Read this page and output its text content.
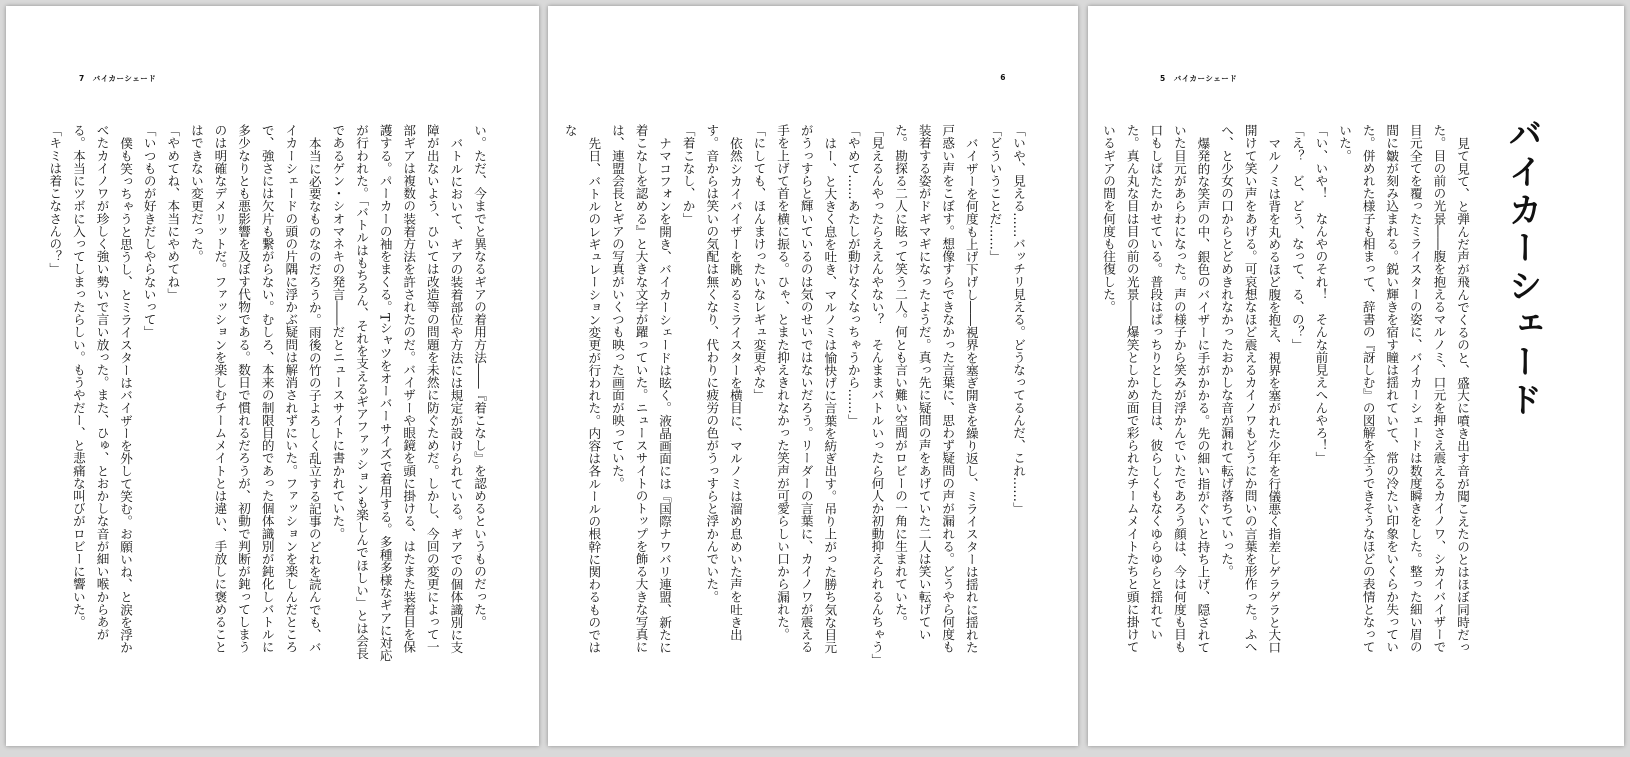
7　バイカーシェード

い。ただ、今までと異なるギアの着用方法――『着こなし』を認めるというものだった。

バトルにおいて、ギアの装着部位や方法には規定が設けられている。ギアでの個体識別に支障が出ないよう、ひいては改造等の問題を未然に防ぐためだ。しかし、今回の変更によって一部ギアは複数の装着方法を許されたのだ。バイザーや眼鏡を頭に掛ける、はたまた装着目を保護する。パーカーの袖をまくる。Tシャツをオーバーサイズで着用する。多種多様なギアに対応が行われた。「バトルはもちろん、それを支えるギアファッションも楽しんでほしい」とは会長であるゲン・シオマネキの発言――だとニュースサイトに書かれていた。

本当に必要なものなのだろうか。雨後の竹の子よろしく乱立する記事のどれを読んでも、バイカーシェードの頭の片隅に浮かぶ疑問は解消されずにいた。ファッションを楽しんだところで、強さには欠片も繋がらない。むしろ、本来の制限目的であった個体識別が鈍化しバトルに多少なりとも悪影響を及ぼす代物である。数日で慣れるだろうが、初動で判断が鈍ってしまうのは明確なデメリットだ。ファッションを楽しむチームメイトとは違い、手放しに褒めることはできない変更だった。

「やめてね、本当にやめてね」

「いつものが好きだしやらないって」

僕も笑っちゃうと思うし、とミライスターはバイザーを外して笑む。お願いね、と涙を浮かべたカイノワが珍しく強い勢いで言い放った。また、ひゅ、とおかしな音が細い喉からあがる。本当にツボに入ってしまったらしい。もうやだー、と悲痛な叫びがロビーに響いた。

「キミは着こなさんの？」

6

「いや、見える……バッチリ見える。どうなってるんだ、これ……」

「どういうことだ……」

バイザーを何度も上げ下げし――視界を塞ぎ開きを繰り返し、ミライスターは揺れに揺れた戸惑い声をこぼす。想像すらできなかった言葉に、思わず疑問の声が漏れる。どうやら何度も装着する姿がドギマギになったようだ。真っ先に疑問の声をあげていた二人は笑い転げていた。勘探る二人に眩って笑う二人。何とも言い難い空間がロビーの一角に生まれていた。

「見えるんやったらええんやない？　そんままバトルいったら何人か初動抑えられるんちゃう」

「やめて……あたしが動けなくなっちゃうから……」

はー、と大きく息を吐き、マルノミは愉快げに言葉を紡ぎ出す。吊り上がった勝ち気な目元がうっすらと輝いているのは気のせいではないだろう。リーダーの言葉に、カイノワが震える手を上げて首を横に振る。ひゃ、とまた抑えきれなかった笑声が可愛らしい口から漏れた。

「にしても、ほんまけったいなレギュ変更やな」

依然シカイバイザーを眺めるミライスターを横目に、マルノミは溜め息めいた声を吐き出す。音からは笑いの気配は無くなり、代わりに疲労の色がうっすらと浮かんでいた。

「着こなし、か」

ナマコフォンを開き、バイカーシェードは眩く。液晶画面には『国際ナワバリ連盟、新たに着こなしを認める』と大きな文字が躍っていた。ニュースサイトのトップを飾る大きな写真には、連盟会長とギアの写真がいくつも映った画面が映っていた。

先日、バトルのレギュレーション変更が行われた。内容は各ルールの根幹に関わるものではな

5　バイカーシェード
バイカーシェード

見て見て、と弾んだ声が飛んでくるのと、盛大に噴き出す音が聞こえたのとはほぼ同時だった。目の前の光景――腹を抱えるマルノミ、口元を押さえ震えるカイノワ、シカイバイザーで目元全てを覆ったミライスターの姿に、バイカーシェードは数度瞬きをした。整った細い眉の間に皺が刻み込まれる。鋭い輝きを宿す瞳は揺れていて、常の冷たい印象をいくらか失っていた。併めれた様子も相まって、辞書の『訝しむ』の図解を全うできそうなほどの表情となっていた。

「い、いや！　なんやのそれ！　そんな前見えへんやろ！」

「え？　ど、どう、なって、る、の？」

マルノミは背を丸めるほど腹を抱え、視界を塞がれた少年を行儀悪く指差しゲラゲラと大口開けて笑い声をあげる。可哀想なほど震えるカイノワもどうにか問いの言葉を形作った。ふへへ、と少女の口からとどめきれなかったおかしな音が漏れて転げ落ちていった。

爆発的な笑声の中、銀色のバイザーに手がかかる。先の細い指がぐいと持ち上げ、隠されていた目元があらわになった。声の様子から笑みが浮かんでいたであろう顔は、今は何度も目も口もしばたたかせている。普段はぱっちりとした目は、彼らしくもなくゆらゆらと揺れていた。真ん丸な目は目の前の光景――爆笑としかめ面で彩られたチームメイトたちと頭に掛けているギアの間を何度も往復した。
